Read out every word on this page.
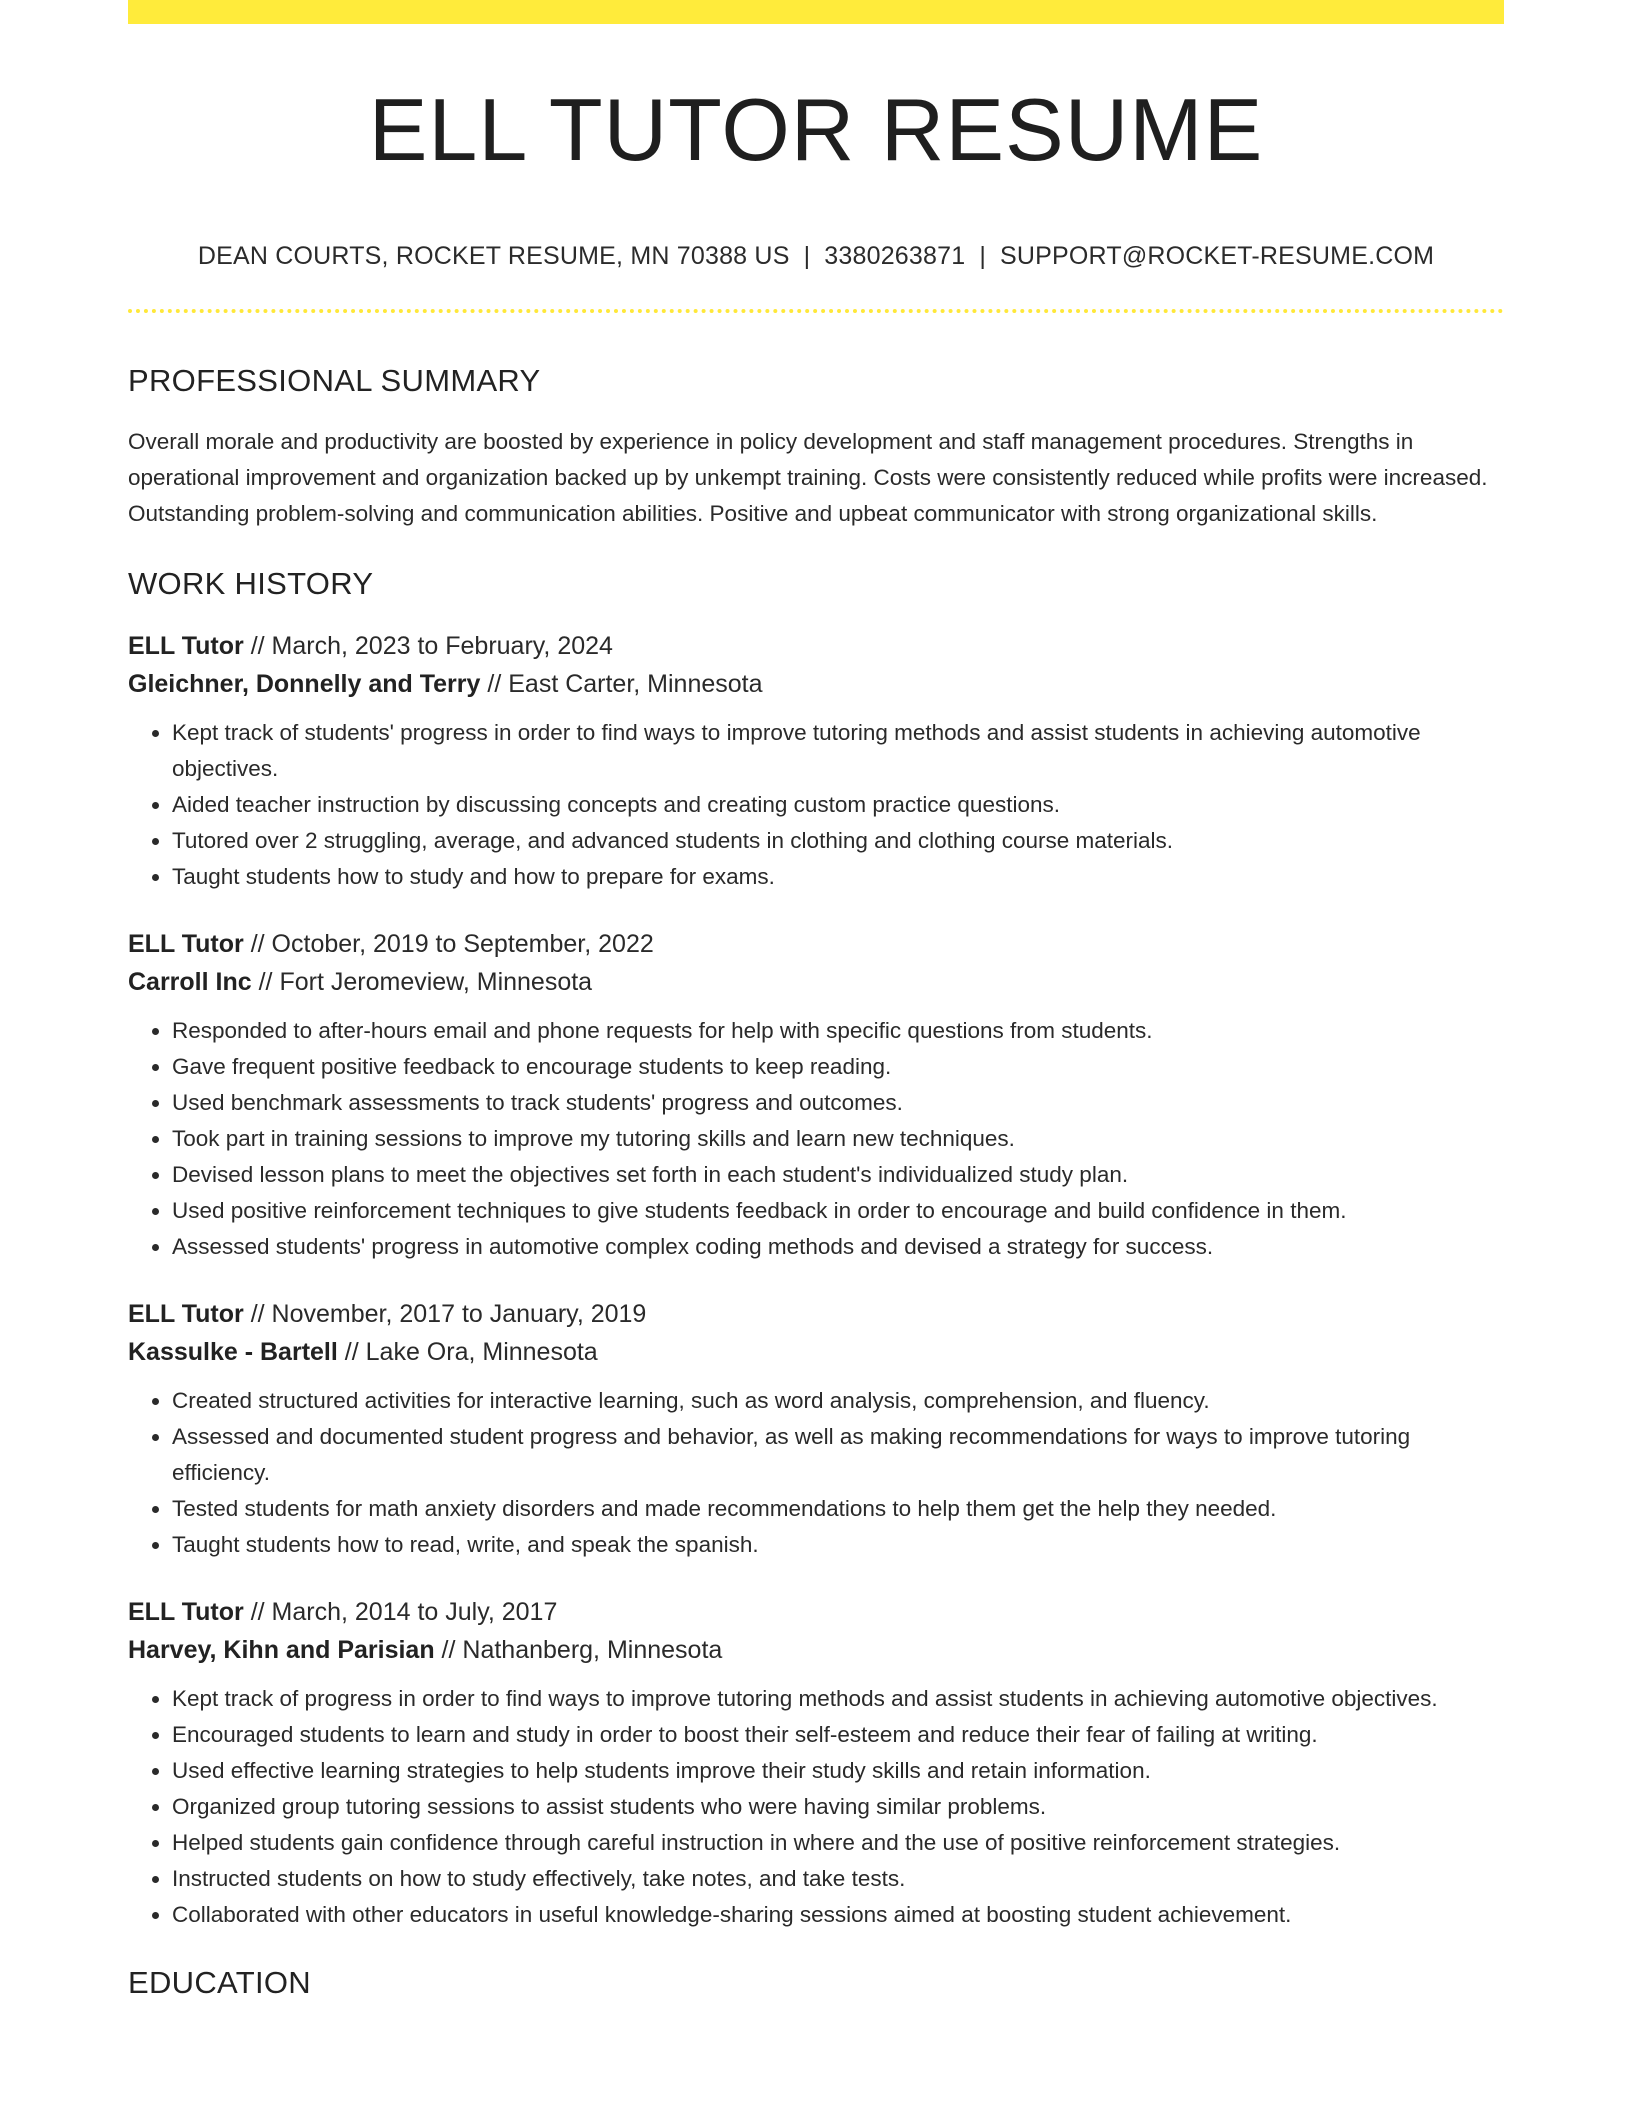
ELL TUTOR RESUME
DEAN COURTS, ROCKET RESUME, MN 70388 US | 3380263871 | SUPPORT@ROCKET-RESUME.COM
PROFESSIONAL SUMMARY

Overall morale and productivity are boosted by experience in policy development and staff management procedures. Strengths in operational improvement and organization backed up by unkempt training. Costs were consistently reduced while profits were increased. Outstanding problem-solving and communication abilities. Positive and upbeat communicator with strong organizational skills.

WORK HISTORY
ELL Tutor // March, 2023 to February, 2024
Gleichner, Donnelly and Terry // East Carter, Minnesota
• Kept track of students' progress in order to find ways to improve tutoring methods and assist students in achieving automotive objectives.
• Aided teacher instruction by discussing concepts and creating custom practice questions.
• Tutored over 2 struggling, average, and advanced students in clothing and clothing course materials.
• Taught students how to study and how to prepare for exams.
ELL Tutor // October, 2019 to September, 2022
Carroll Inc // Fort Jeromeview, Minnesota
• Responded to after-hours email and phone requests for help with specific questions from students.
• Gave frequent positive feedback to encourage students to keep reading.
• Used benchmark assessments to track students' progress and outcomes.
• Took part in training sessions to improve my tutoring skills and learn new techniques.
• Devised lesson plans to meet the objectives set forth in each student's individualized study plan.
• Used positive reinforcement techniques to give students feedback in order to encourage and build confidence in them.
• Assessed students' progress in automotive complex coding methods and devised a strategy for success.
ELL Tutor // November, 2017 to January, 2019
Kassulke - Bartell // Lake Ora, Minnesota
• Created structured activities for interactive learning, such as word analysis, comprehension, and fluency.
• Assessed and documented student progress and behavior, as well as making recommendations for ways to improve tutoring efficiency.
• Tested students for math anxiety disorders and made recommendations to help them get the help they needed.
• Taught students how to read, write, and speak the spanish.
ELL Tutor // March, 2014 to July, 2017
Harvey, Kihn and Parisian // Nathanberg, Minnesota
• Kept track of progress in order to find ways to improve tutoring methods and assist students in achieving automotive objectives.
• Encouraged students to learn and study in order to boost their self-esteem and reduce their fear of failing at writing.
• Used effective learning strategies to help students improve their study skills and retain information.
• Organized group tutoring sessions to assist students who were having similar problems.
• Helped students gain confidence through careful instruction in where and the use of positive reinforcement strategies.
• Instructed students on how to study effectively, take notes, and take tests.
• Collaborated with other educators in useful knowledge-sharing sessions aimed at boosting student achievement.
EDUCATION
